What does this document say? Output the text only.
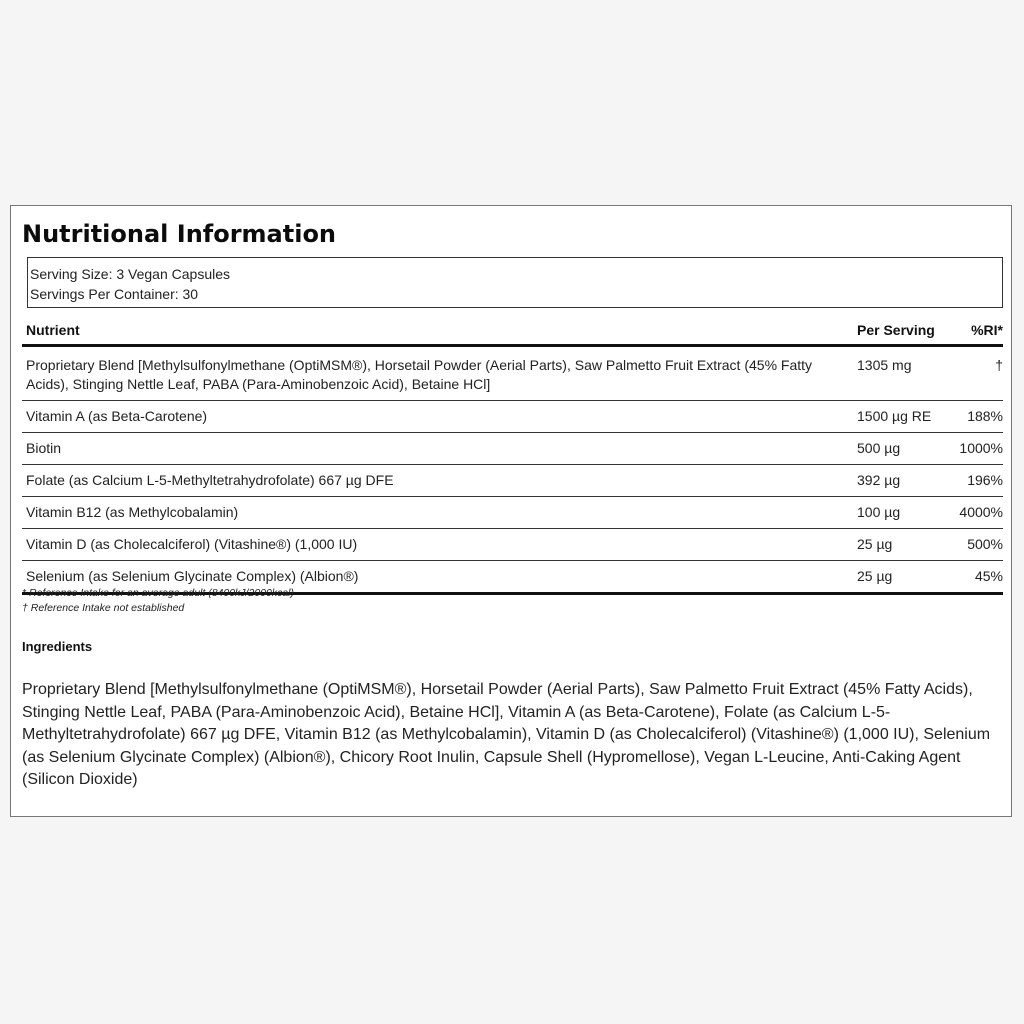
Nutritional Information
Serving Size: 3 Vegan Capsules
Servings Per Container: 30
Nutrient	Per Serving	%RI*
Proprietary Blend [Methylsulfonylmethane (OptiMSM®), Horsetail Powder (Aerial Parts), Saw Palmetto Fruit Extract (45% Fatty Acids), Stinging Nettle Leaf, PABA (Para-Aminobenzoic Acid), Betaine HCl]	1305 mg	†
Vitamin A (as Beta-Carotene)	1500 µg RE	188%
Biotin	500 µg	1000%
Folate (as Calcium L-5-Methyltetrahydrofolate) 667 µg DFE	392 µg	196%
Vitamin B12 (as Methylcobalamin)	100 µg	4000%
Vitamin D (as Cholecalciferol) (Vitashine®) (1,000 IU)	25 µg	500%
Selenium (as Selenium Glycinate Complex) (Albion®)	25 µg	45%
* Reference Intake for an average adult (8400kJ/2000kcal)
† Reference Intake not established
Ingredients
Proprietary Blend [Methylsulfonylmethane (OptiMSM®), Horsetail Powder (Aerial Parts), Saw Palmetto Fruit Extract (45% Fatty Acids), Stinging Nettle Leaf, PABA (Para-Aminobenzoic Acid), Betaine HCl], Vitamin A (as Beta-Carotene), Folate (as Calcium L-5-Methyltetrahydrofolate) 667 µg DFE, Vitamin B12 (as Methylcobalamin), Vitamin D (as Cholecalciferol) (Vitashine®) (1,000 IU), Selenium (as Selenium Glycinate Complex) (Albion®), Chicory Root Inulin, Capsule Shell (Hypromellose), Vegan L-Leucine, Anti-Caking Agent (Silicon Dioxide)
